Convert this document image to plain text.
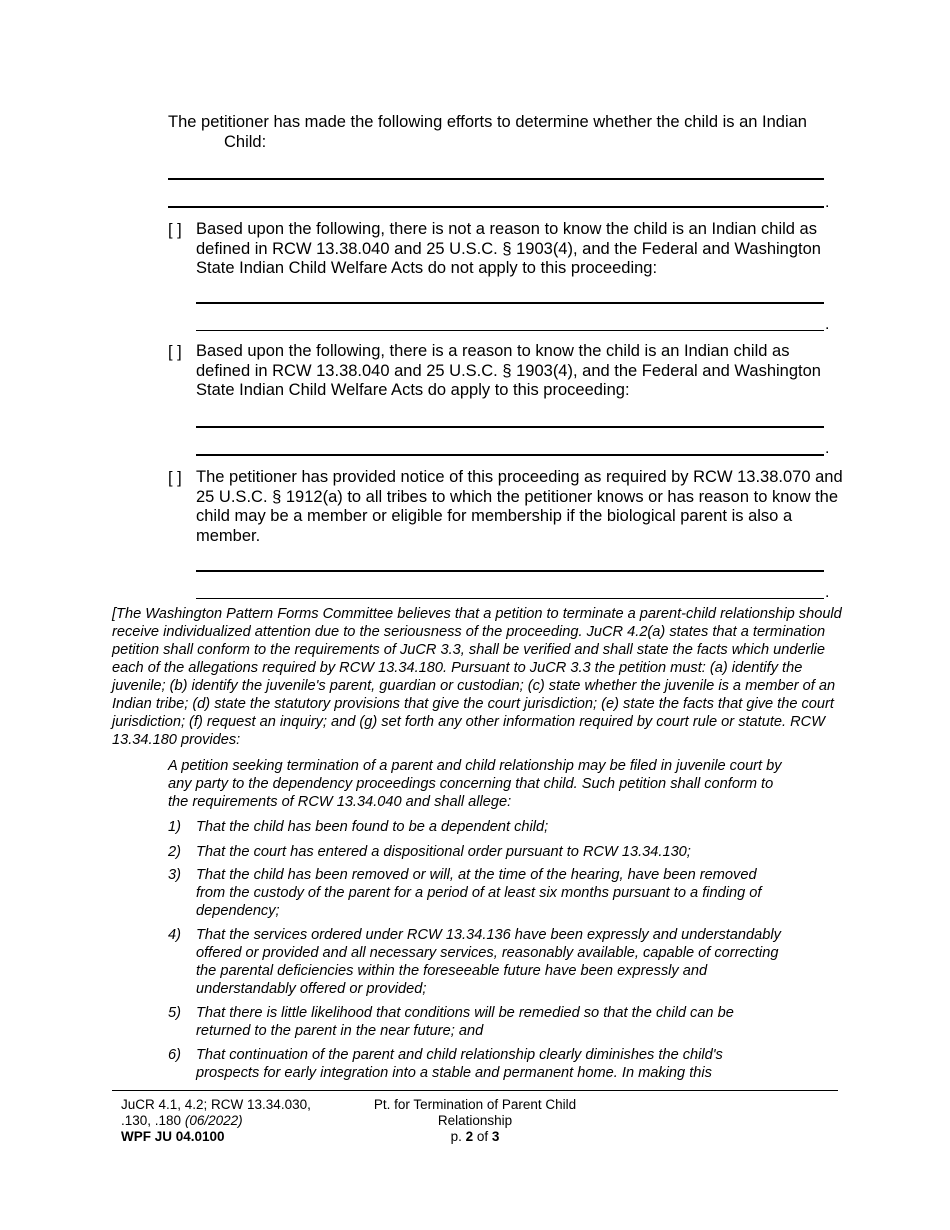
The petitioner has made the following efforts to determine whether the child is an Indian
Child:
.
[ ] Based upon the following, there is not a reason to know the child is an Indian child as defined in RCW 13.38.040 and 25 U.S.C. § 1903(4), and the Federal and Washington State Indian Child Welfare Acts do not apply to this proceeding:
.
[ ] Based upon the following, there is a reason to know the child is an Indian child as defined in RCW 13.38.040 and 25 U.S.C. § 1903(4), and the Federal and Washington State Indian Child Welfare Acts do apply to this proceeding:
.
[ ] The petitioner has provided notice of this proceeding as required by RCW 13.38.070 and 25 U.S.C. § 1912(a) to all tribes to which the petitioner knows or has reason to know the child may be a member or eligible for membership if the biological parent is also a member.
.
[The Washington Pattern Forms Committee believes that a petition to terminate a parent-child relationship should receive individualized attention due to the seriousness of the proceeding. JuCR 4.2(a) states that a termination petition shall conform to the requirements of JuCR 3.3, shall be verified and shall state the facts which underlie each of the allegations required by RCW 13.34.180. Pursuant to JuCR 3.3 the petition must: (a) identify the juvenile; (b) identify the juvenile's parent, guardian or custodian; (c) state whether the juvenile is a member of an Indian tribe; (d) state the statutory provisions that give the court jurisdiction; (e) state the facts that give the court jurisdiction; (f) request an inquiry; and (g) set forth any other information required by court rule or statute. RCW 13.34.180 provides:
A petition seeking termination of a parent and child relationship may be filed in juvenile court by any party to the dependency proceedings concerning that child. Such petition shall conform to the requirements of RCW 13.34.040 and shall allege:
1)	That the child has been found to be a dependent child;
2)	That the court has entered a dispositional order pursuant to RCW 13.34.130;
3)	That the child has been removed or will, at the time of the hearing, have been removed from the custody of the parent for a period of at least six months pursuant to a finding of dependency;
4)	That the services ordered under RCW 13.34.136 have been expressly and understandably offered or provided and all necessary services, reasonably available, capable of correcting the parental deficiencies within the foreseeable future have been expressly and understandably offered or provided;
5)	That there is little likelihood that conditions will be remedied so that the child can be returned to the parent in the near future; and
6)	That continuation of the parent and child relationship clearly diminishes the child's prospects for early integration into a stable and permanent home. In making this
JuCR 4.1, 4.2; RCW 13.34.030,
.130, .180 (06/2022)
WPF JU 04.0100
Pt. for Termination of Parent Child
Relationship
p. 2 of 3
